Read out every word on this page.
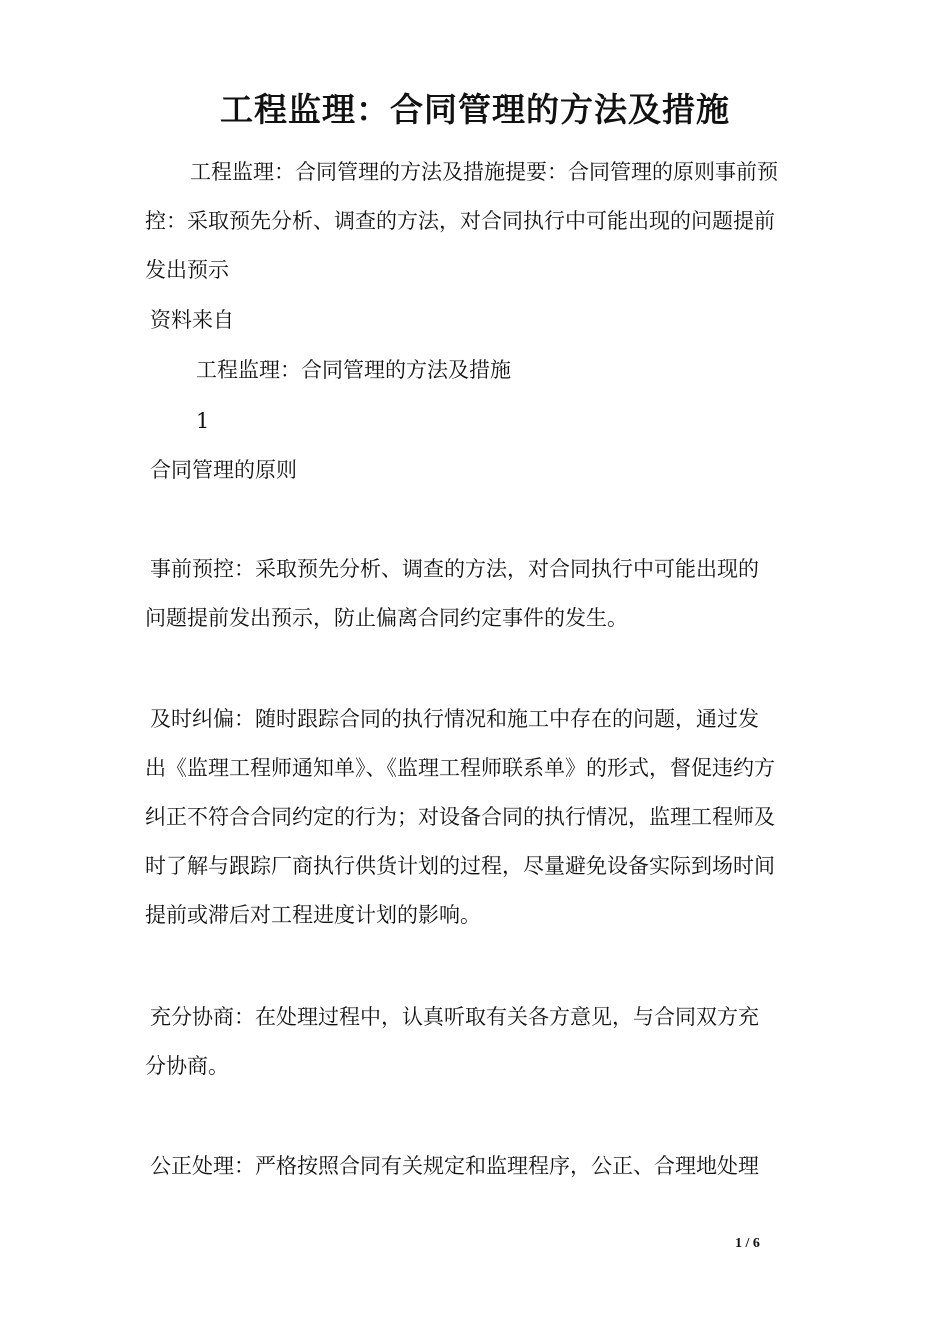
工程监理：合同管理的方法及措施
工程监理：合同管理的方法及措施提要：合同管理的原则事前预
控：采取预先分析、调查的方法，对合同执行中可能出现的问题提前
发出预示
资料来自
工程监理：合同管理的方法及措施
1
合同管理的原则
事前预控：采取预先分析、调查的方法，对合同执行中可能出现的
问题提前发出预示，防止偏离合同约定事件的发生。
及时纠偏：随时跟踪合同的执行情况和施工中存在的问题，通过发
出《监理工程师通知单》、《监理工程师联系单》的形式，督促违约方
纠正不符合合同约定的行为；对设备合同的执行情况，监理工程师及
时了解与跟踪厂商执行供货计划的过程，尽量避免设备实际到场时间
提前或滞后对工程进度计划的影响。
充分协商：在处理过程中，认真听取有关各方意见，与合同双方充
分协商。
公正处理：严格按照合同有关规定和监理程序，公正、合理地处理
1 / 6
